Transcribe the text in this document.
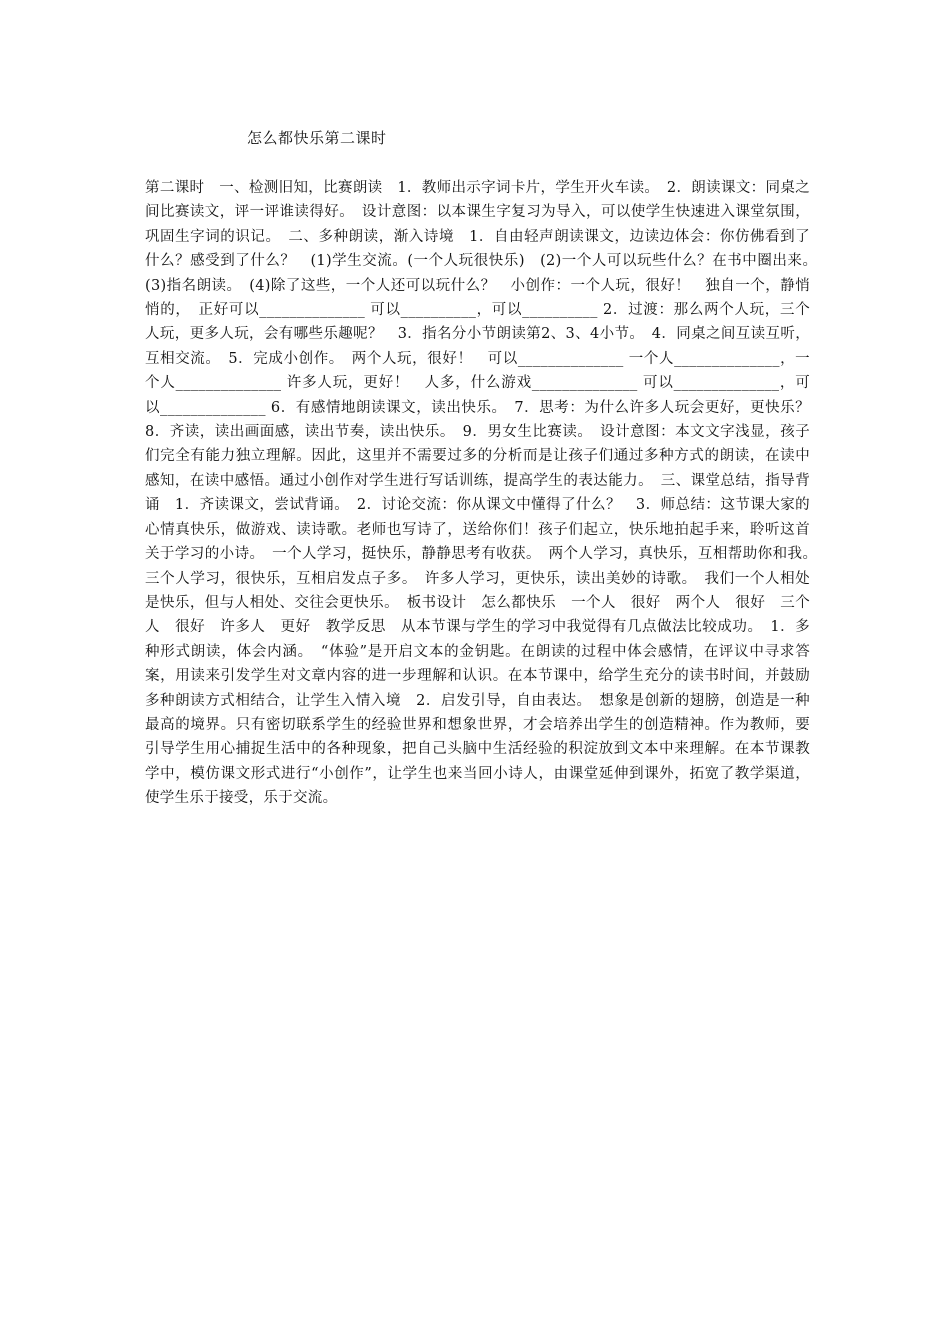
怎么都快乐第二课时
第二课时　一、检测旧知，比赛朗读　1．教师出示字词卡片，学生开火车读。　2．朗读课文：同桌之间比赛读文，评一评谁读得好。　设计意图：以本课生字复习为导入，可以使学生快速进入课堂氛围，巩固生字词的识记。　二、多种朗读，渐入诗境　1．自由轻声朗读课文，边读边体会：你仿佛看到了什么？感受到了什么？　(1)学生交流。(一个人玩很快乐)　(2)一个人可以玩些什么？在书中圈出来。　(3)指名朗读。　(4)除了这些，一个人还可以玩什么？　小创作：一个人玩，很好！　独自一个，静悄悄的，　正好可以______________ 可以__________，可以__________ 2．过渡：那么两个人玩，三个人玩，更多人玩，会有哪些乐趣呢？　3．指名分小节朗读第2、3、4小节。　4．同桌之间互读互听，互相交流。　5．完成小创作。　两个人玩，很好！　可以______________ 一个人______________，一个人______________ 许多人玩，更好！　人多，什么游戏______________ 可以______________，可以______________ 6．有感情地朗读课文，读出快乐。　7．思考：为什么许多人玩会更好，更快乐？　8．齐读，读出画面感，读出节奏，读出快乐。　9．男女生比赛读。　设计意图：本文文字浅显，孩子们完全有能力独立理解。因此，这里并不需要过多的分析而是让孩子们通过多种方式的朗读，在读中感知，在读中感悟。通过小创作对学生进行写话训练，提高学生的表达能力。　三、课堂总结，指导背诵　1．齐读课文，尝试背诵。　2．讨论交流：你从课文中懂得了什么？　3．师总结：这节课大家的心情真快乐，做游戏、读诗歌。老师也写诗了，送给你们！孩子们起立，快乐地拍起手来，聆听这首关于学习的小诗。　一个人学习，挺快乐，静静思考有收获。　两个人学习，真快乐，互相帮助你和我。　三个人学习，很快乐，互相启发点子多。　许多人学习，更快乐，读出美妙的诗歌。　我们一个人相处是快乐，但与人相处、交往会更快乐。　板书设计　怎么都快乐　一个人　很好　两个人　很好　三个人　很好　许多人　更好　教学反思　从本节课与学生的学习中我觉得有几点做法比较成功。　1．多种形式朗读，体会内涵。　“体验”是开启文本的金钥匙。在朗读的过程中体会感情，在评议中寻求答案，用读来引发学生对文章内容的进一步理解和认识。在本节课中，给学生充分的读书时间，并鼓励多种朗读方式相结合，让学生入情入境　2．启发引导，自由表达。　想象是创新的翅膀，创造是一种最高的境界。只有密切联系学生的经验世界和想象世界，才会培养出学生的创造精神。作为教师，要引导学生用心捕捉生活中的各种现象，把自己头脑中生活经验的积淀放到文本中来理解。在本节课教学中，模仿课文形式进行“小创作”，让学生也来当回小诗人，由课堂延伸到课外，拓宽了教学渠道，使学生乐于接受，乐于交流。
